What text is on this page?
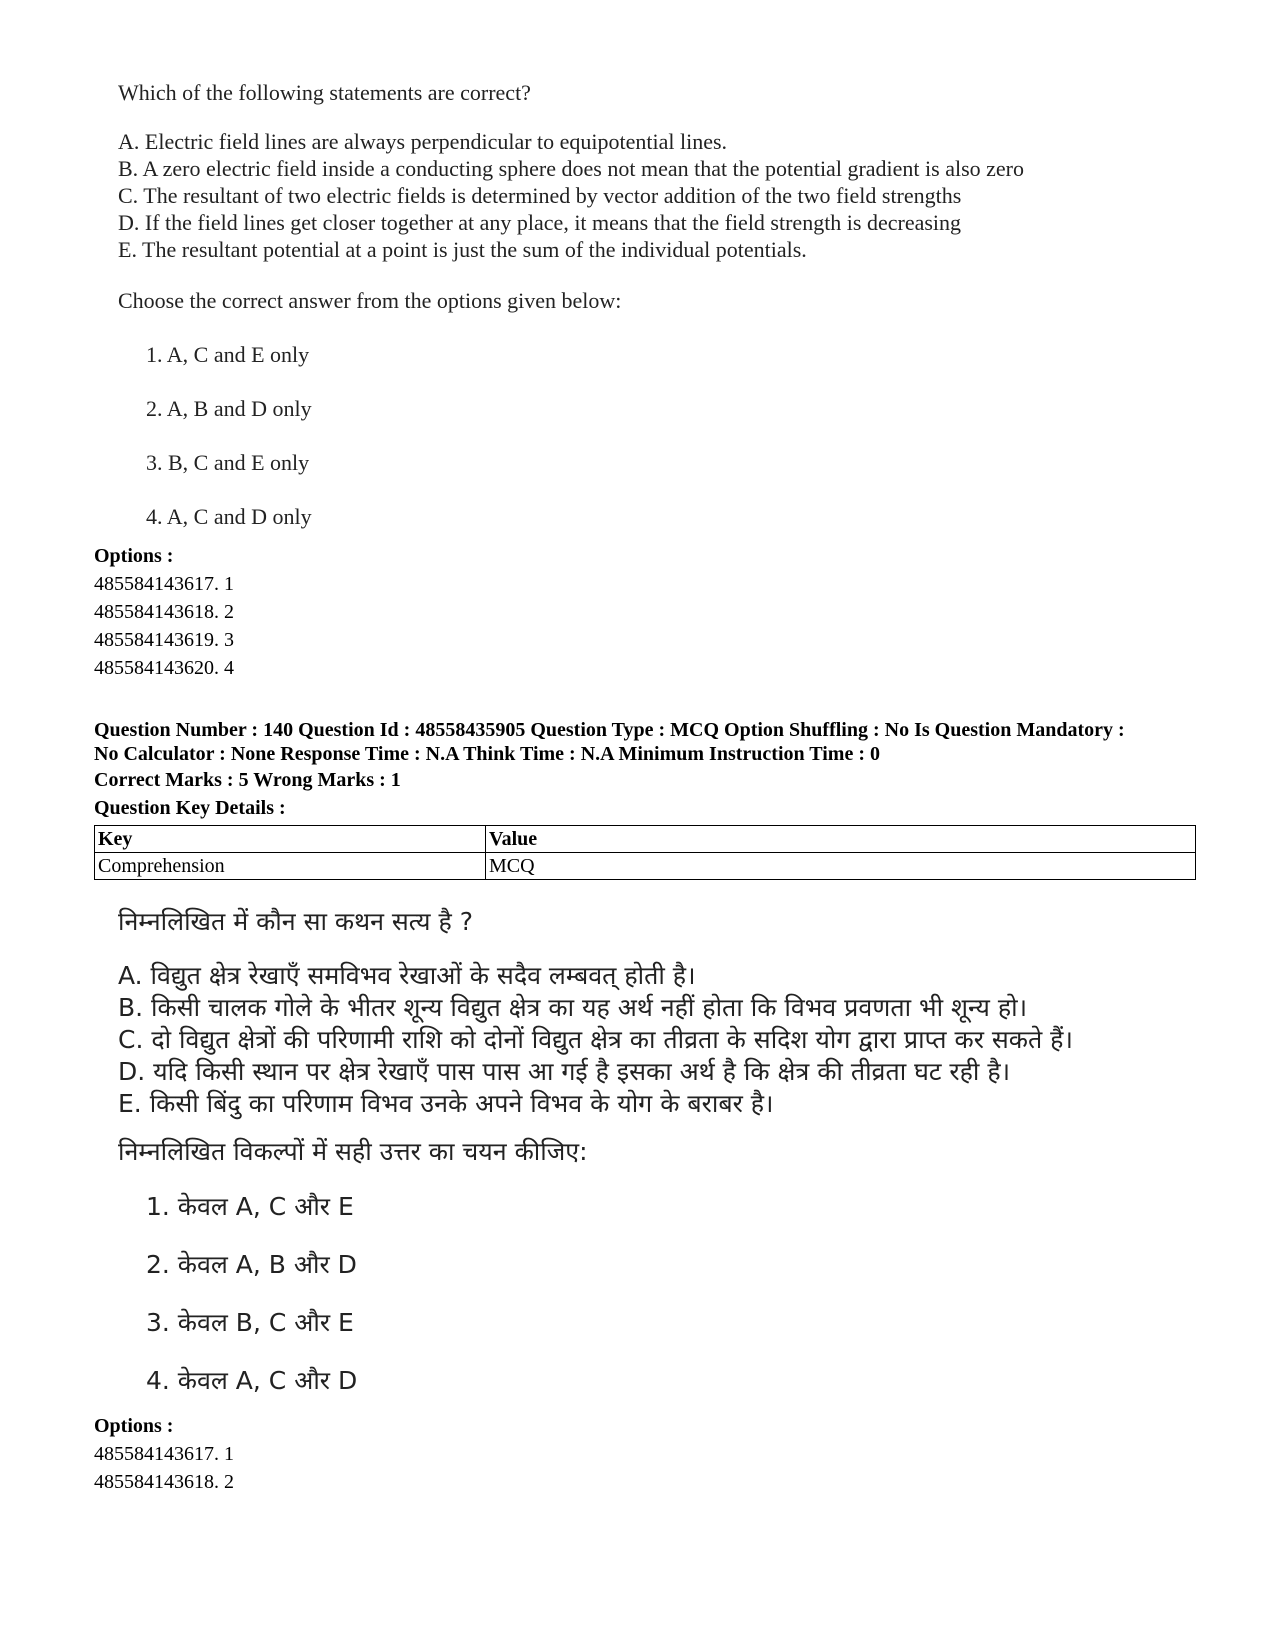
Which of the following statements are correct?

A. Electric field lines are always perpendicular to equipotential lines.
B. A zero electric field inside a conducting sphere does not mean that the potential gradient is also zero
C. The resultant of two electric fields is determined by vector addition of the two field strengths
D. If the field lines get closer together at any place, it means that the field strength is decreasing
E. The resultant potential at a point is just the sum of the individual potentials.

Choose the correct answer from the options given below:

1. A, C and E only
2. A, B and D only
3. B, C and E only
4. A, C and D only
Options :
485584143617. 1
485584143618. 2
485584143619. 3
485584143620. 4
Question Number : 140 Question Id : 48558435905 Question Type : MCQ Option Shuffling : No Is Question Mandatory :
No Calculator : None Response Time : N.A Think Time : N.A Minimum Instruction Time : 0
Correct Marks : 5 Wrong Marks : 1
Question Key Details :
Key	Value
Comprehension	MCQ

निम्नलिखित में कौन सा कथन सत्य है ?

A. विद्युत क्षेत्र रेखाएँ समविभव रेखाओं के सदैव लम्बवत् होती है।
B. किसी चालक गोले के भीतर शून्य विद्युत क्षेत्र का यह अर्थ नहीं होता कि विभव प्रवणता भी शून्य हो।
C. दो विद्युत क्षेत्रों की परिणामी राशि को दोनों विद्युत क्षेत्र का तीव्रता के सदिश योग द्वारा प्राप्त कर सकते हैं।
D. यदि किसी स्थान पर क्षेत्र रेखाएँ पास पास आ गई है इसका अर्थ है कि क्षेत्र की तीव्रता घट रही है।
E. किसी बिंदु का परिणाम विभव उनके अपने विभव के योग के बराबर है।

निम्नलिखित विकल्पों में सही उत्तर का चयन कीजिए:

1. केवल A, C और E
2. केवल A, B और D
3. केवल B, C और E
4. केवल A, C और D
Options :
485584143617. 1
485584143618. 2
